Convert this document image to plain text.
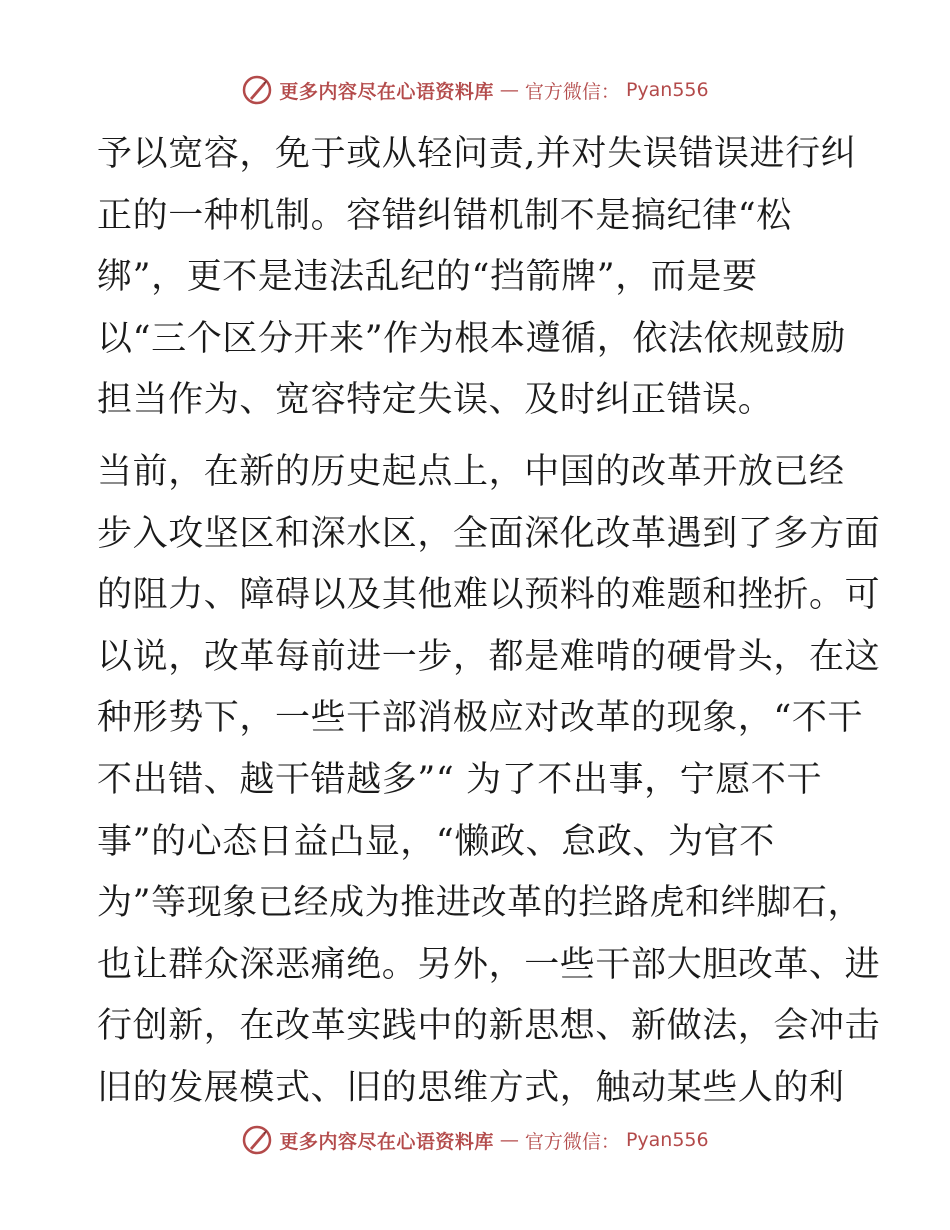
更多内容尽在心语资料库 — 官方微信： Pyan556
予以宽容，免于或从轻问责,并对失误错误进行纠
正的一种机制。容错纠错机制不是搞纪律“松
绑”，更不是违法乱纪的“挡箭牌”，而是要
以“三个区分开来”作为根本遵循，依法依规鼓励
担当作为、宽容特定失误、及时纠正错误。
当前，在新的历史起点上，中国的改革开放已经
步入攻坚区和深水区，全面深化改革遇到了多方面
的阻力、障碍以及其他难以预料的难题和挫折。可
以说，改革每前进一步，都是难啃的硬骨头，在这
种形势下，一些干部消极应对改革的现象，“不干
不出错、越干错越多”“ 为了不出事，宁愿不干
事”的心态日益凸显，“懒政、怠政、为官不
为”等现象已经成为推进改革的拦路虎和绊脚石，
也让群众深恶痛绝。另外，一些干部大胆改革、进
行创新，在改革实践中的新思想、新做法，会冲击
旧的发展模式、旧的思维方式，触动某些人的利
更多内容尽在心语资料库 — 官方微信： Pyan556
